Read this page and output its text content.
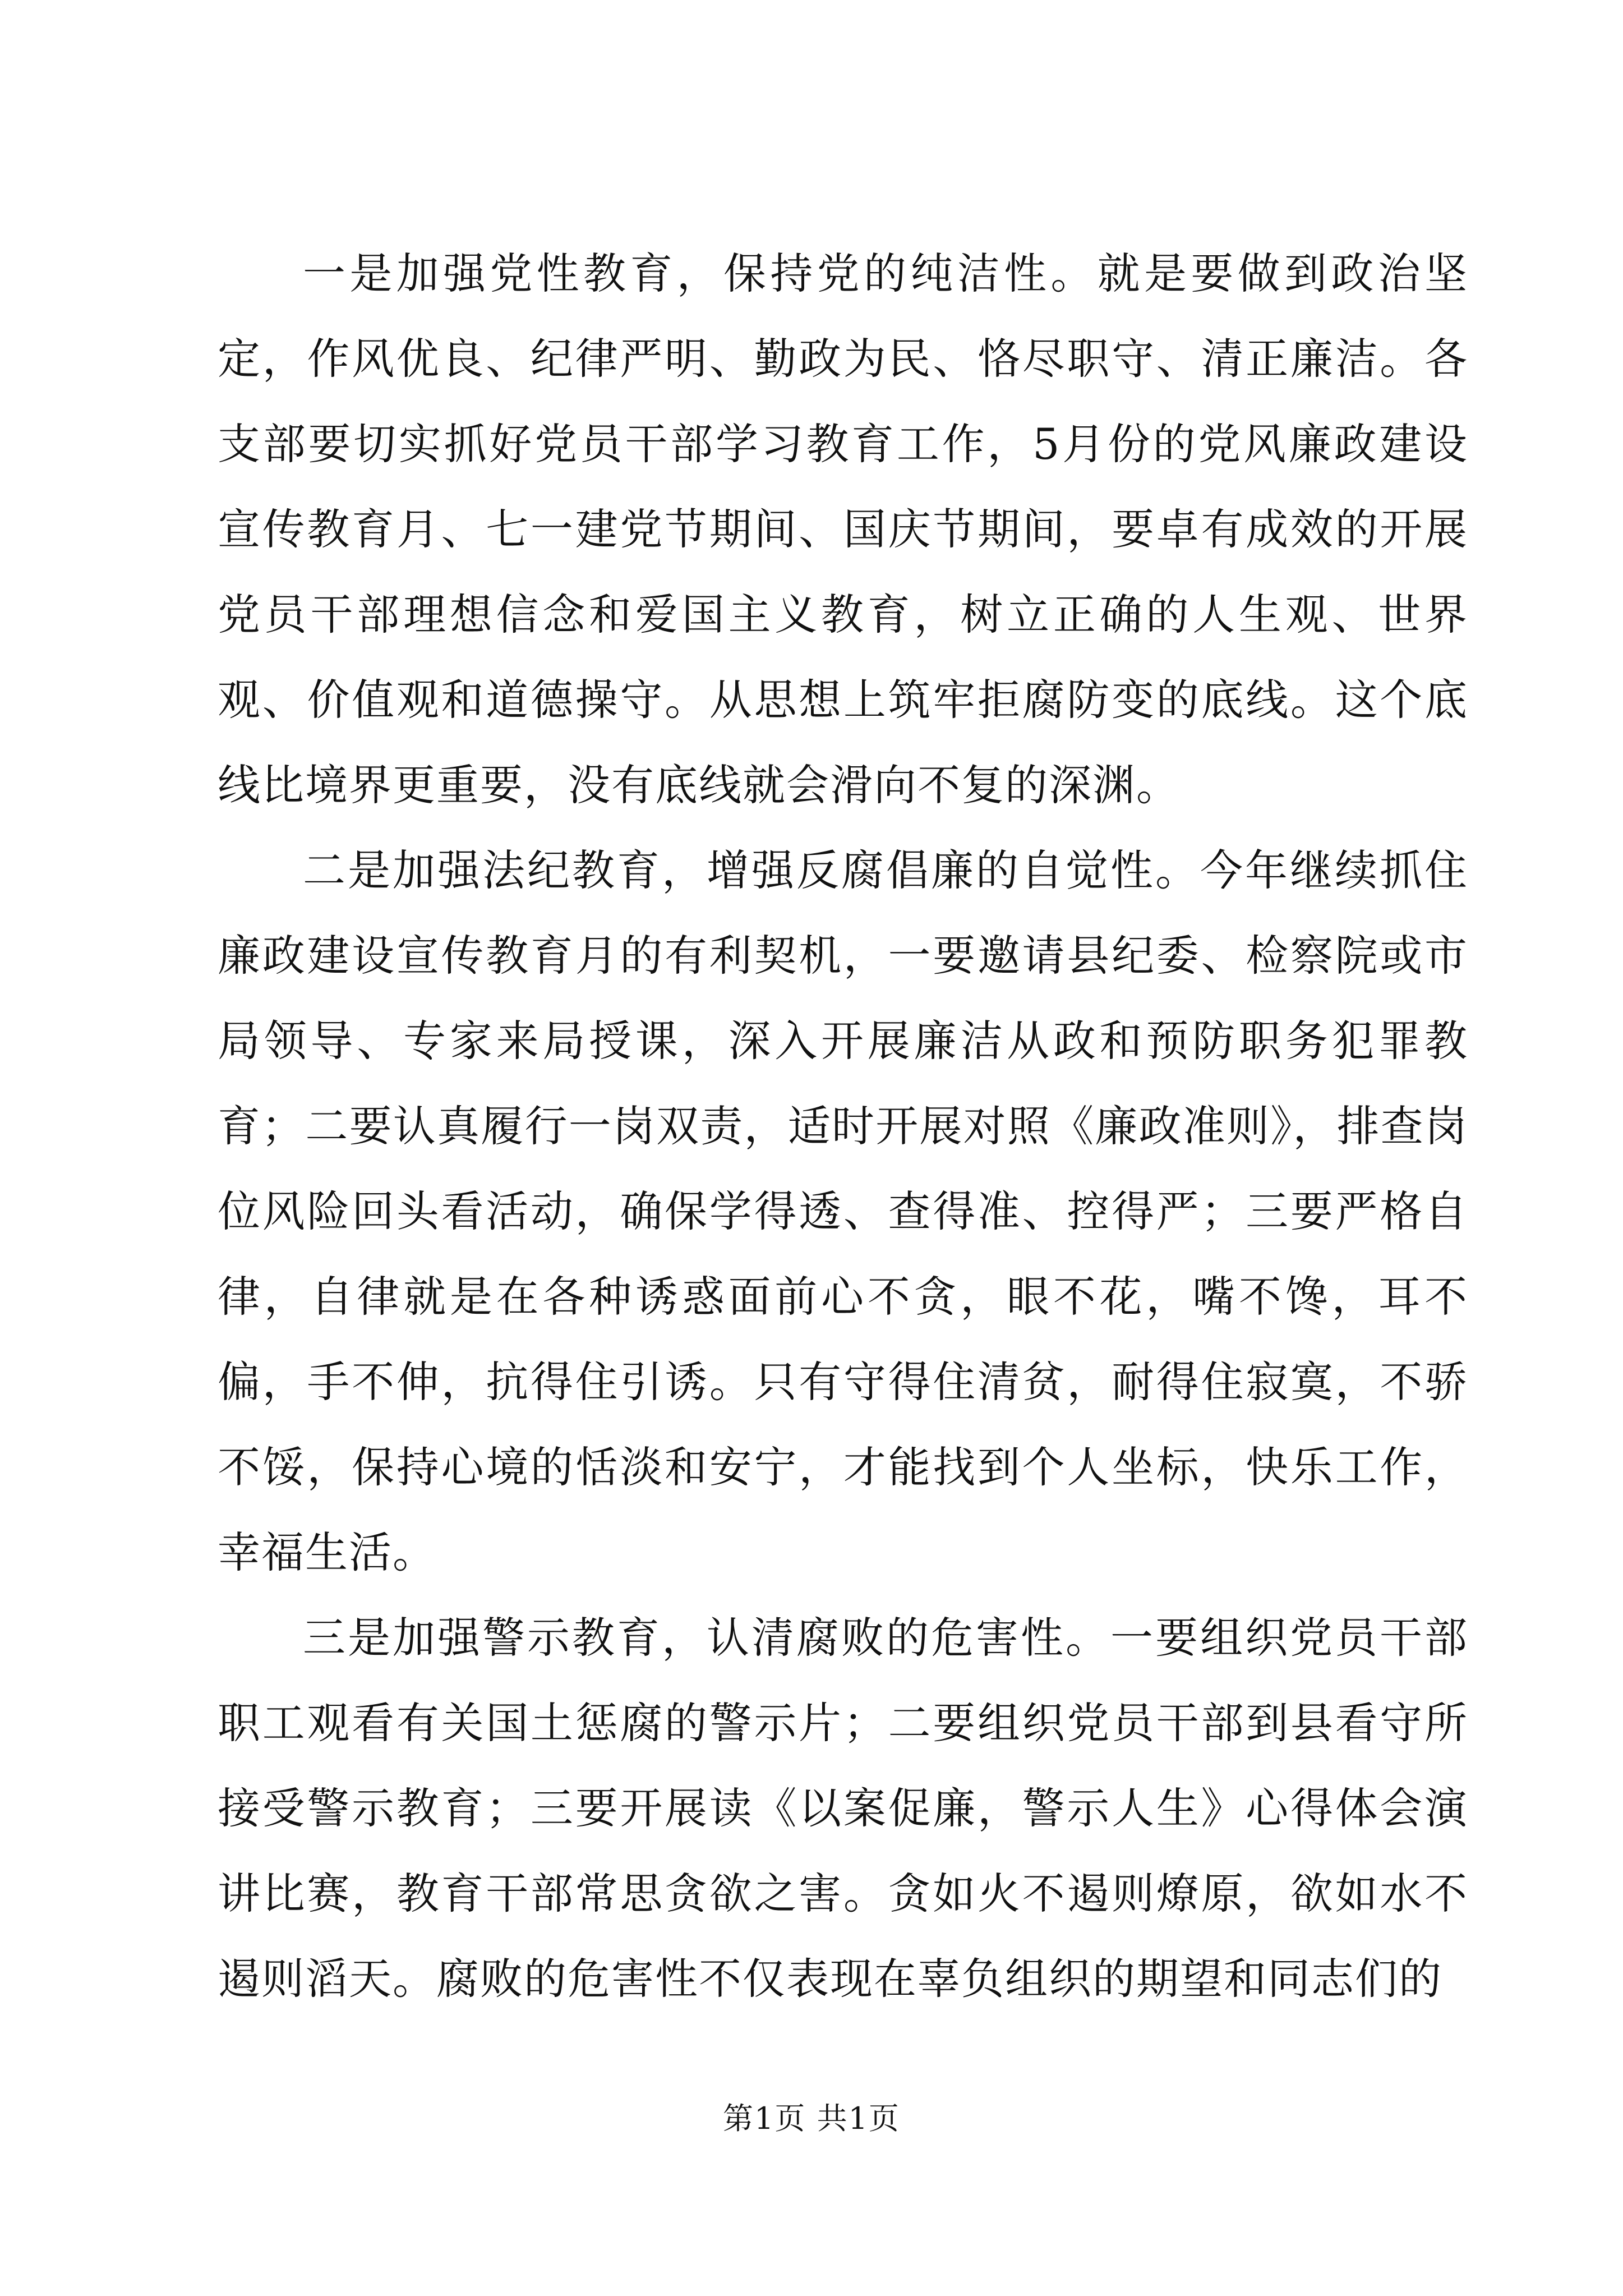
一是加强党性教育，保持党的纯洁性。就是要做到政治坚定，作风优良、纪律严明、勤政为民、恪尽职守、清正廉洁。各支部要切实抓好党员干部学习教育工作，5月份的党风廉政建设宣传教育月、七一建党节期间、国庆节期间，要卓有成效的开展党员干部理想信念和爱国主义教育，树立正确的人生观、世界观、价值观和道德操守。从思想上筑牢拒腐防变的底线。这个底线比境界更重要，没有底线就会滑向不复的深渊。

二是加强法纪教育，增强反腐倡廉的自觉性。今年继续抓住廉政建设宣传教育月的有利契机，一要邀请县纪委、检察院或市局领导、专家来局授课，深入开展廉洁从政和预防职务犯罪教育；二要认真履行一岗双责，适时开展对照《廉政准则》，排查岗位风险回头看活动，确保学得透、查得准、控得严；三要严格自律，自律就是在各种诱惑面前心不贪，眼不花，嘴不馋，耳不偏，手不伸，抗得住引诱。只有守得住清贫，耐得住寂寞，不骄不馁，保持心境的恬淡和安宁，才能找到个人坐标，快乐工作，幸福生活。

三是加强警示教育，认清腐败的危害性。一要组织党员干部职工观看有关国土惩腐的警示片；二要组织党员干部到县看守所接受警示教育；三要开展读《以案促廉，警示人生》心得体会演讲比赛，教育干部常思贪欲之害。贪如火不遏则燎原，欲如水不遏则滔天。腐败的危害性不仅表现在辜负组织的期望和同志们的

第1页 共1页
